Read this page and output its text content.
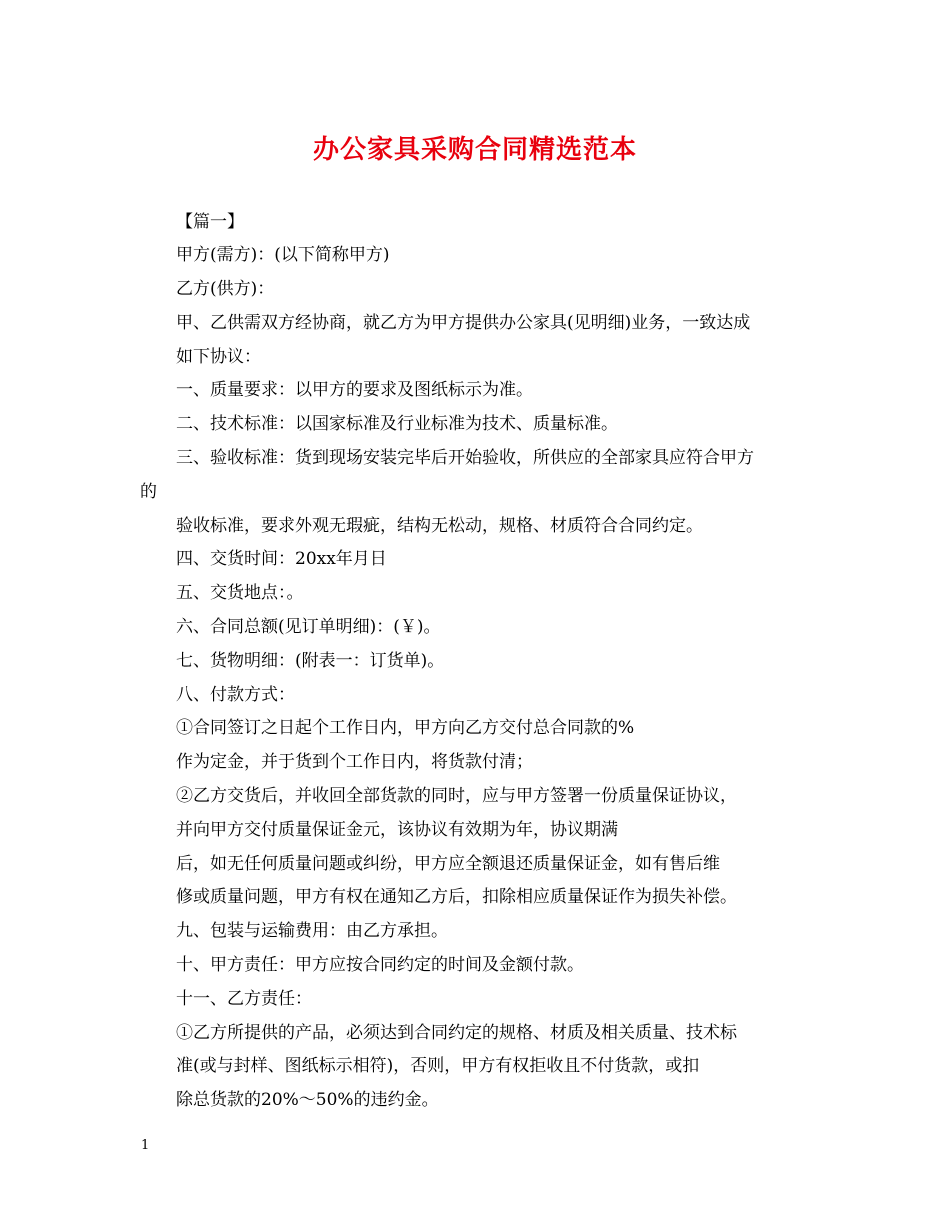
办公家具采购合同精选范本
【篇一】
甲方(需方)：(以下简称甲方)
乙方(供方)：
甲、乙供需双方经协商，就乙方为甲方提供办公家具(见明细)业务，一致达成
如下协议：
一、质量要求：以甲方的要求及图纸标示为准。
二、技术标准：以国家标准及行业标准为技术、质量标准。
三、验收标准：货到现场安装完毕后开始验收，所供应的全部家具应符合甲方
的
验收标准，要求外观无瑕疵，结构无松动，规格、材质符合合同约定。
四、交货时间：20xx年月日
五、交货地点：。
六、合同总额(见订单明细)：(￥)。
七、货物明细：(附表一：订货单)。
八、付款方式：
①合同签订之日起个工作日内，甲方向乙方交付总合同款的%
作为定金，并于货到个工作日内，将货款付清；
②乙方交货后，并收回全部货款的同时，应与甲方签署一份质量保证协议，
并向甲方交付质量保证金元，该协议有效期为年，协议期满
后，如无任何质量问题或纠纷，甲方应全额退还质量保证金，如有售后维
修或质量问题，甲方有权在通知乙方后，扣除相应质量保证作为损失补偿。
九、包装与运输费用：由乙方承担。
十、甲方责任：甲方应按合同约定的时间及金额付款。
十一、乙方责任：
①乙方所提供的产品，必须达到合同约定的规格、材质及相关质量、技术标
准(或与封样、图纸标示相符)，否则，甲方有权拒收且不付货款，或扣
除总货款的20%～50%的违约金。
1
